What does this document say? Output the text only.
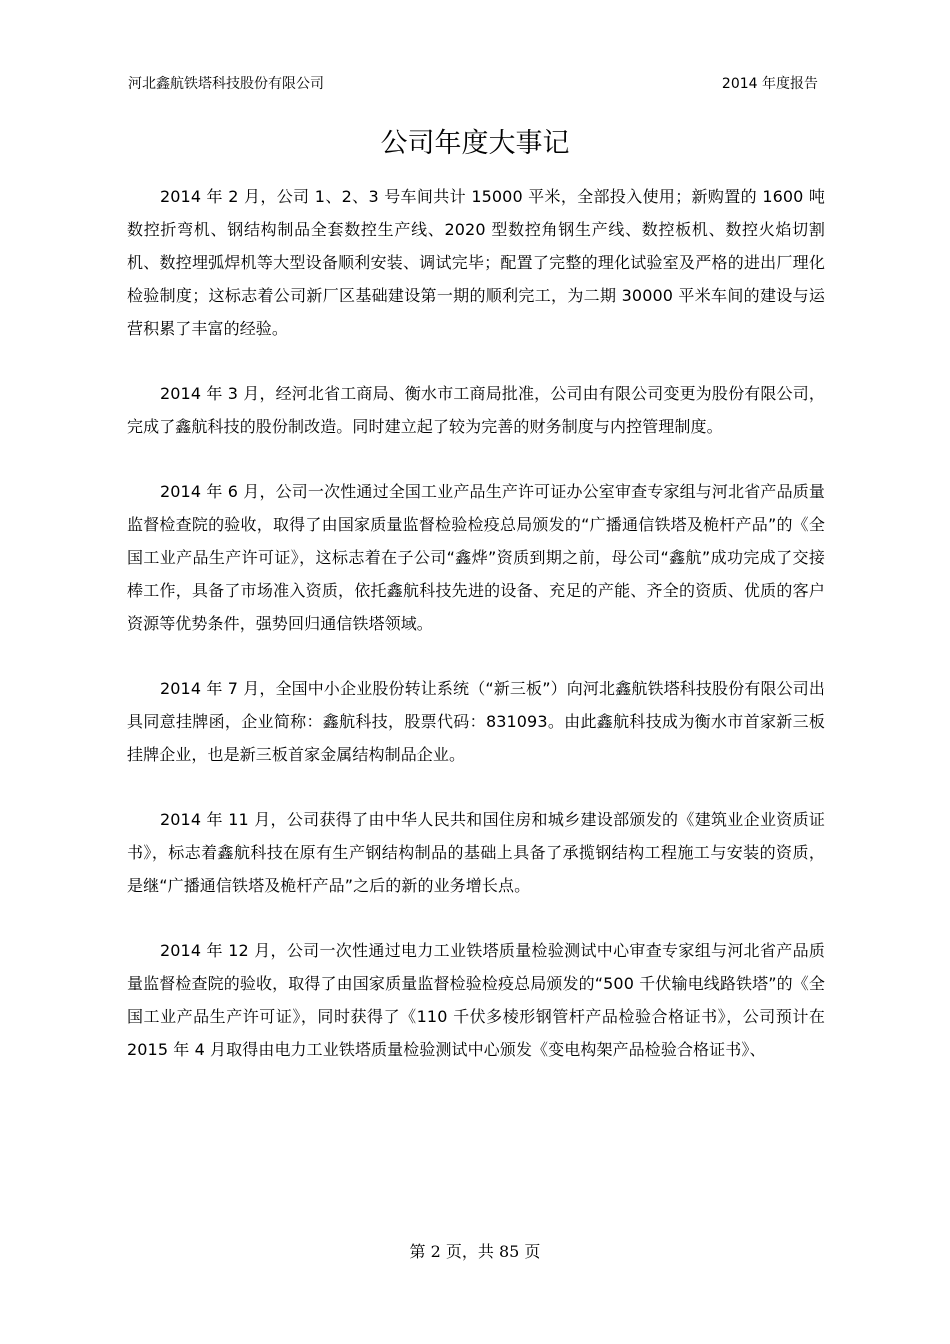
河北鑫航铁塔科技股份有限公司	2014 年度报告
公司年度大事记

2014 年 2 月，公司 1、2、3 号车间共计 15000 平米，全部投入使用；新购置的 1600 吨数控折弯机、钢结构制品全套数控生产线、2020 型数控角钢生产线、数控板机、数控火焰切割机、数控埋弧焊机等大型设备顺利安装、调试完毕；配置了完整的理化试验室及严格的进出厂理化检验制度；这标志着公司新厂区基础建设第一期的顺利完工，为二期 30000 平米车间的建设与运营积累了丰富的经验。

2014 年 3 月，经河北省工商局、衡水市工商局批准，公司由有限公司变更为股份有限公司，完成了鑫航科技的股份制改造。同时建立起了较为完善的财务制度与内控管理制度。

2014 年 6 月，公司一次性通过全国工业产品生产许可证办公室审查专家组与河北省产品质量监督检查院的验收，取得了由国家质量监督检验检疫总局颁发的“广播通信铁塔及桅杆产品”的《全国工业产品生产许可证》，这标志着在子公司“鑫烨”资质到期之前，母公司“鑫航”成功完成了交接棒工作，具备了市场准入资质，依托鑫航科技先进的设备、充足的产能、齐全的资质、优质的客户资源等优势条件，强势回归通信铁塔领域。

2014 年 7 月，全国中小企业股份转让系统（“新三板”）向河北鑫航铁塔科技股份有限公司出具同意挂牌函，企业简称：鑫航科技，股票代码：831093。由此鑫航科技成为衡水市首家新三板挂牌企业，也是新三板首家金属结构制品企业。

2014 年 11 月，公司获得了由中华人民共和国住房和城乡建设部颁发的《建筑业企业资质证书》，标志着鑫航科技在原有生产钢结构制品的基础上具备了承揽钢结构工程施工与安装的资质，是继“广播通信铁塔及桅杆产品”之后的新的业务增长点。

2014 年 12 月，公司一次性通过电力工业铁塔质量检验测试中心审查专家组与河北省产品质量监督检查院的验收，取得了由国家质量监督检验检疫总局颁发的“500 千伏输电线路铁塔”的《全国工业产品生产许可证》，同时获得了《110 千伏多棱形钢管杆产品检验合格证书》，公司预计在 2015 年 4 月取得由电力工业铁塔质量检验测试中心颁发《变电构架产品检验合格证书》、

第 2 页，共 85 页
